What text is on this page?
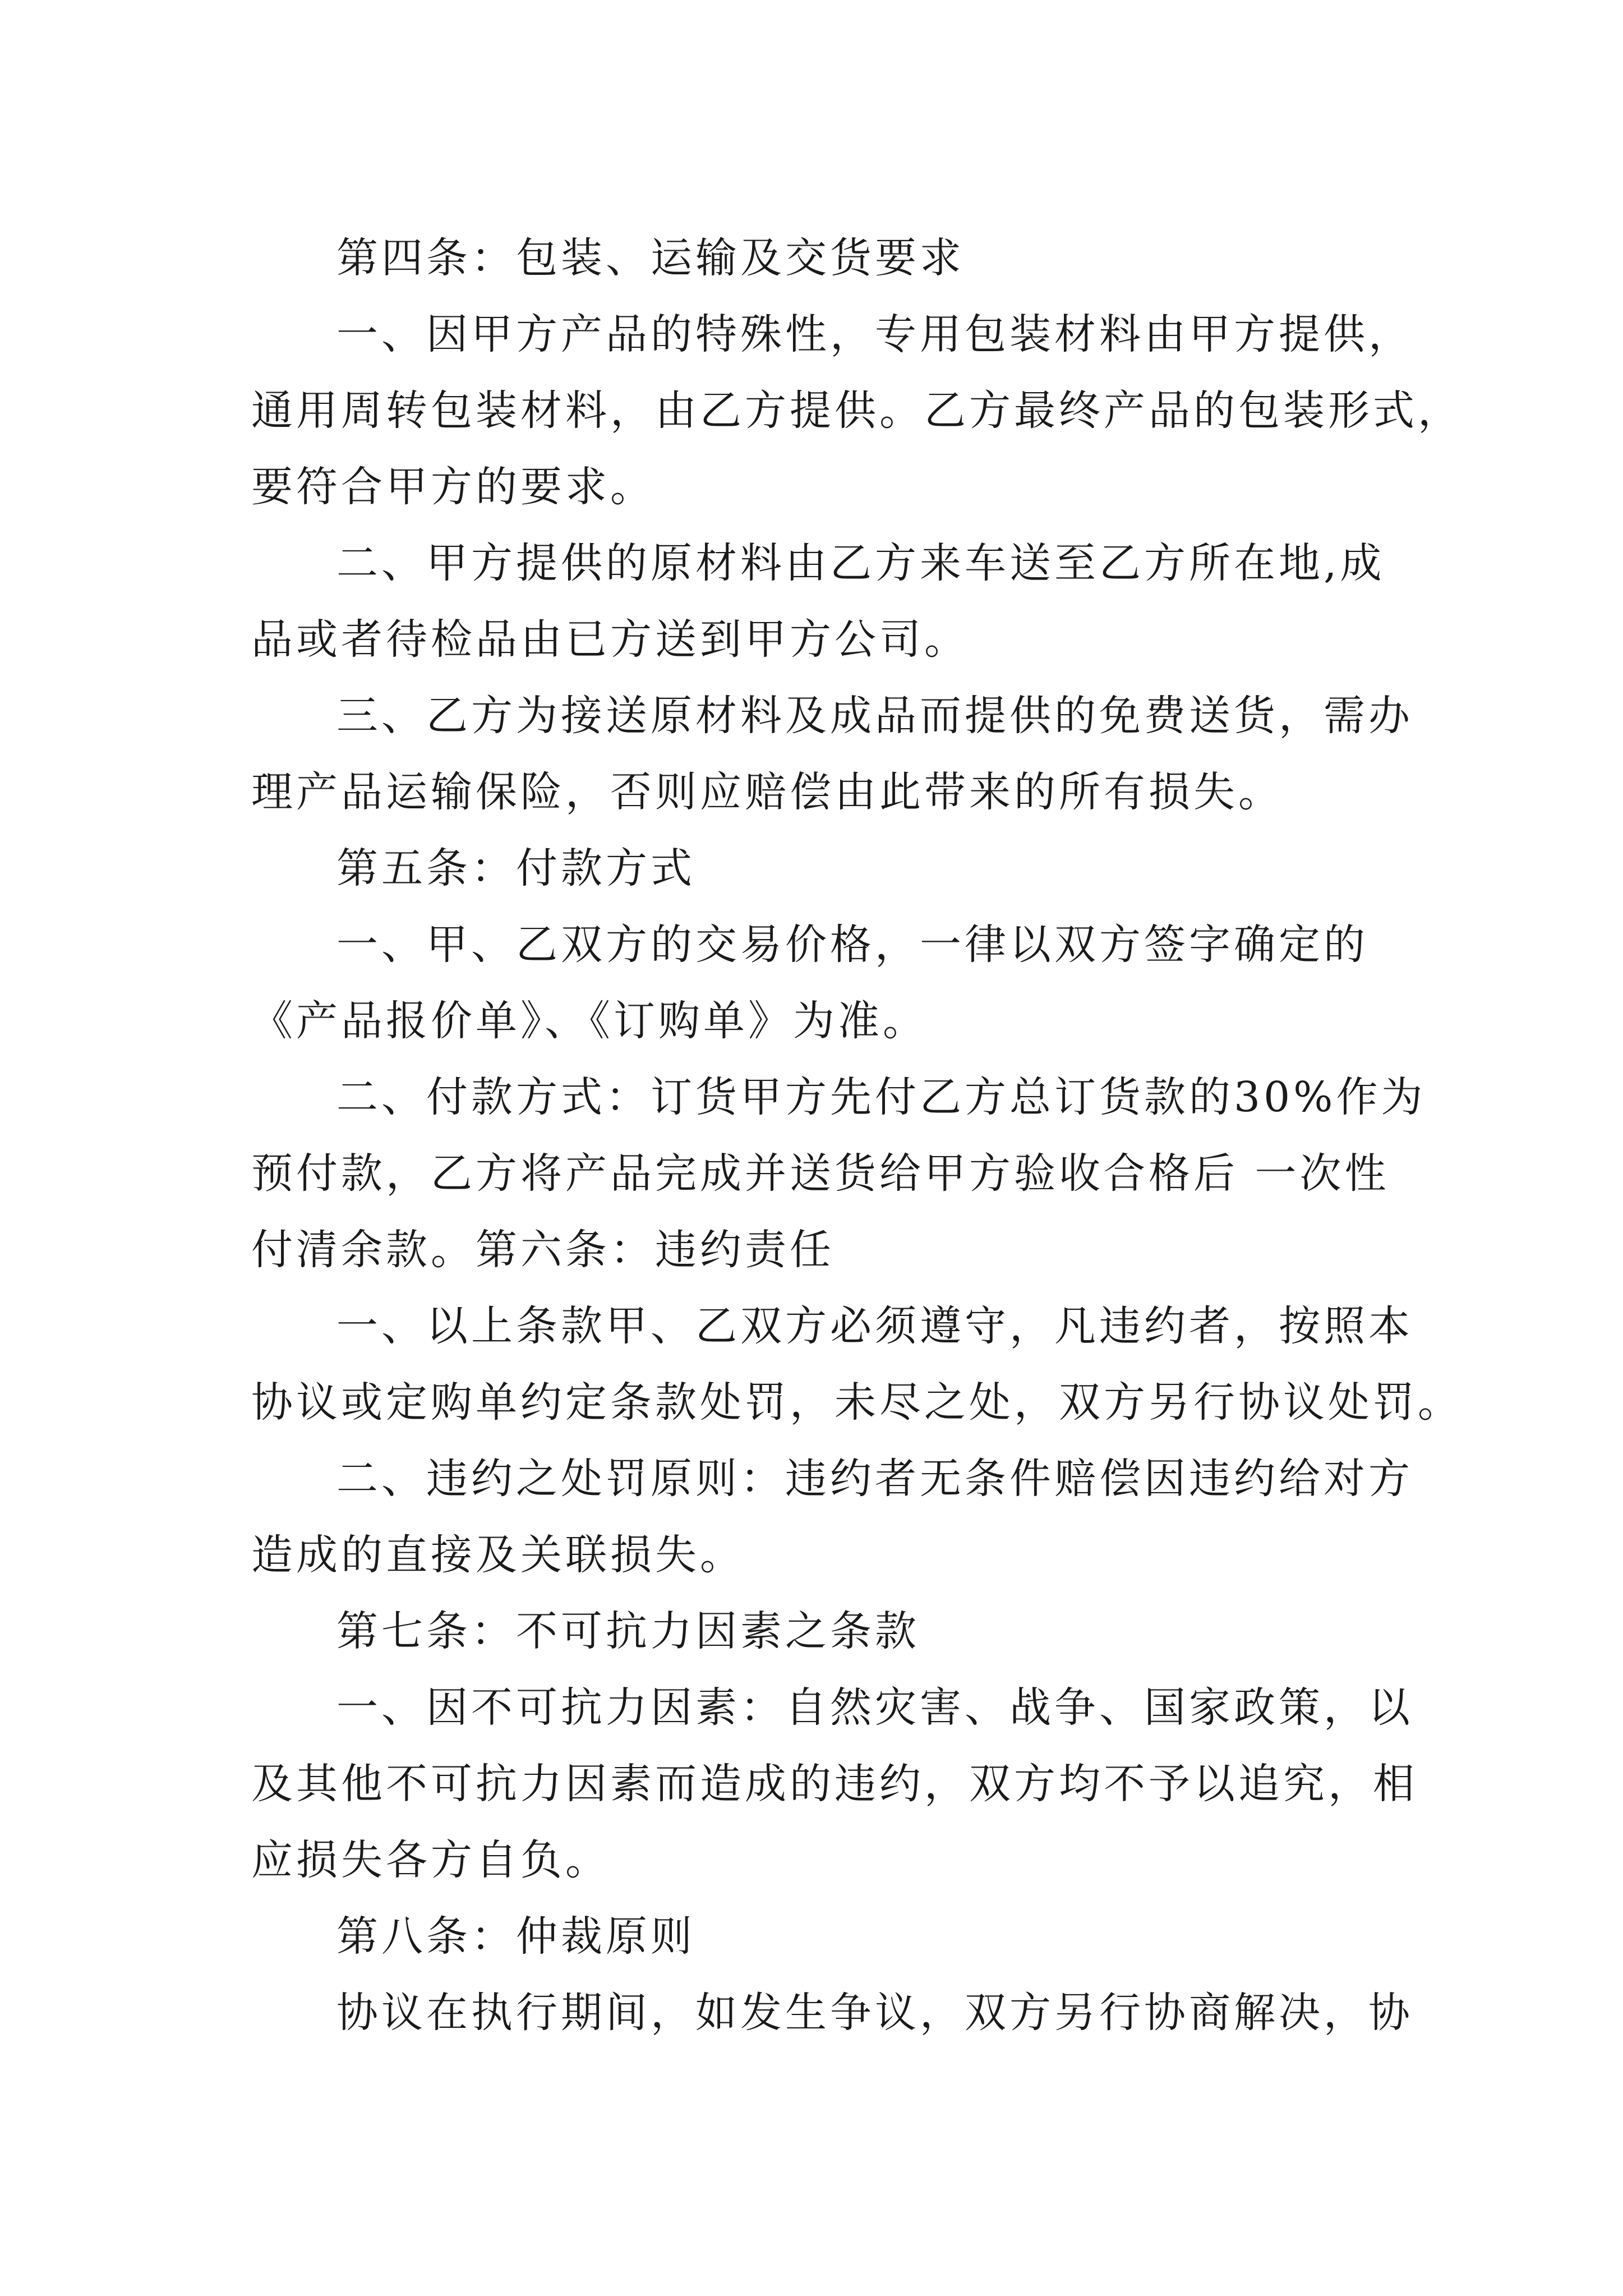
第四条：包装、运输及交货要求
一、因甲方产品的特殊性，专用包装材料由甲方提供，
通用周转包装材料，由乙方提供。乙方最终产品的包装形式，
要符合甲方的要求。
二、甲方提供的原材料由乙方来车送至乙方所在地,成
品或者待检品由已方送到甲方公司。
三、乙方为接送原材料及成品而提供的免费送货，需办
理产品运输保险，否则应赔偿由此带来的所有损失。
第五条：付款方式
一、甲、乙双方的交易价格，一律以双方签字确定的
《产品报价单》、《订购单》为准。
二、付款方式：订货甲方先付乙方总订货款的30%作为
预付款，乙方将产品完成并送货给甲方验收合格后 一次性
付清余款。第六条：违约责任
一、以上条款甲、乙双方必须遵守，凡违约者，按照本
协议或定购单约定条款处罚，未尽之处，双方另行协议处罚。
二、违约之处罚原则：违约者无条件赔偿因违约给对方
造成的直接及关联损失。
第七条：不可抗力因素之条款
一、因不可抗力因素：自然灾害、战争、国家政策，以
及其他不可抗力因素而造成的违约，双方均不予以追究，相
应损失各方自负。
第八条：仲裁原则
协议在执行期间，如发生争议，双方另行协商解决，协
